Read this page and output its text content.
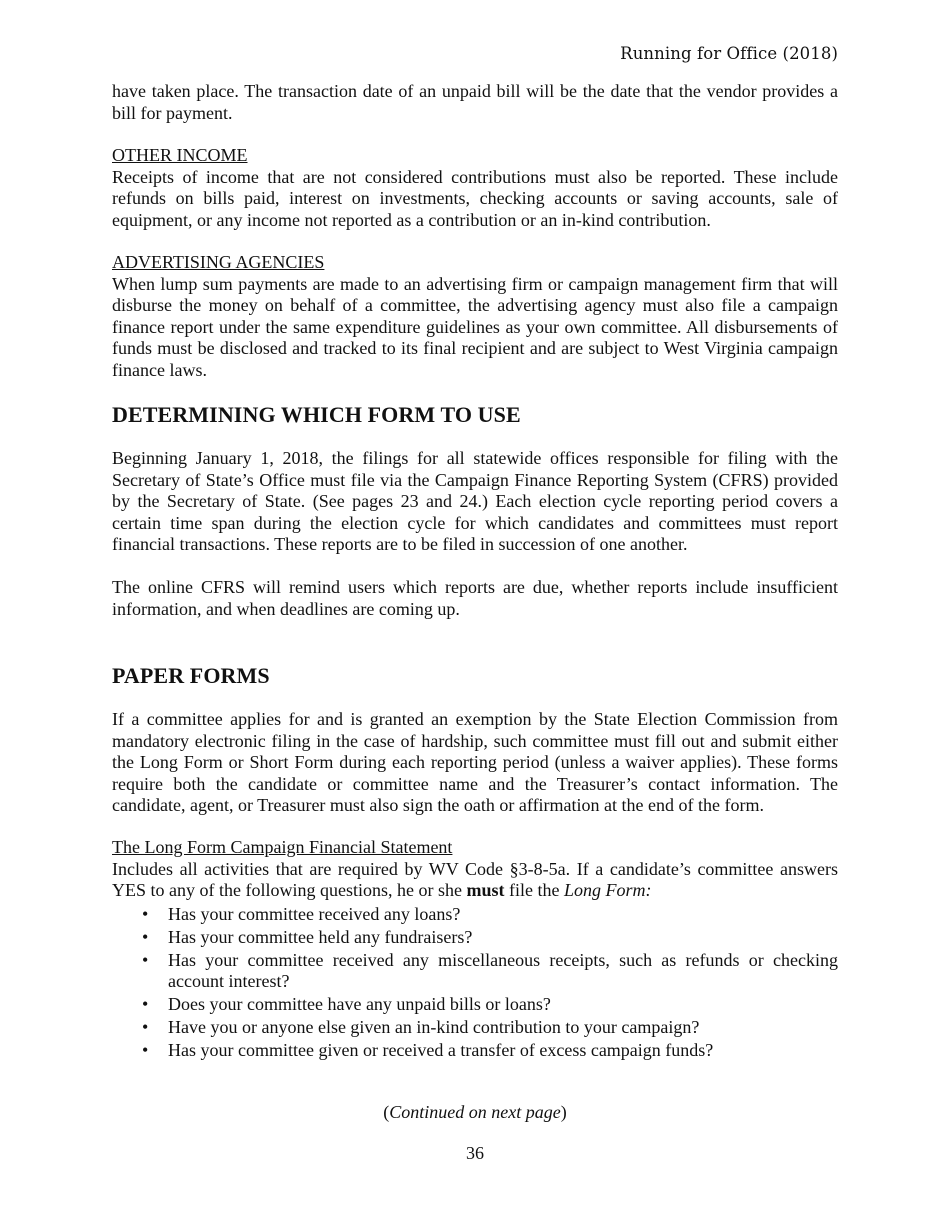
Running for Office (2018)

have taken place. The transaction date of an unpaid bill will be the date that the vendor provides a bill for payment.

OTHER INCOME

Receipts of income that are not considered contributions must also be reported. These include refunds on bills paid, interest on investments, checking accounts or saving accounts, sale of equipment, or any income not reported as a contribution or an in-kind contribution.

ADVERTISING AGENCIES

When lump sum payments are made to an advertising firm or campaign management firm that will disburse the money on behalf of a committee, the advertising agency must also file a campaign finance report under the same expenditure guidelines as your own committee. All disbursements of funds must be disclosed and tracked to its final recipient and are subject to West Virginia campaign finance laws.

DETERMINING WHICH FORM TO USE

Beginning January 1, 2018, the filings for all statewide offices responsible for filing with the Secretary of State’s Office must file via the Campaign Finance Reporting System (CFRS) provided by the Secretary of State. (See pages 23 and 24.) Each election cycle reporting period covers a certain time span during the election cycle for which candidates and committees must report financial transactions. These reports are to be filed in succession of one another.

The online CFRS will remind users which reports are due, whether reports include insufficient information, and when deadlines are coming up.

PAPER FORMS

If a committee applies for and is granted an exemption by the State Election Commission from mandatory electronic filing in the case of hardship, such committee must fill out and submit either the Long Form or Short Form during each reporting period (unless a waiver applies). These forms require both the candidate or committee name and the Treasurer’s contact information. The candidate, agent, or Treasurer must also sign the oath or affirmation at the end of the form.

The Long Form Campaign Financial Statement

Includes all activities that are required by WV Code §3-8-5a. If a candidate’s committee answers YES to any of the following questions, he or she must file the Long Form:

• Has your committee received any loans?
• Has your committee held any fundraisers?
• Has your committee received any miscellaneous receipts, such as refunds or checking account interest?
• Does your committee have any unpaid bills or loans?
• Have you or anyone else given an in-kind contribution to your campaign?
• Has your committee given or received a transfer of excess campaign funds?
(Continued on next page)
36
